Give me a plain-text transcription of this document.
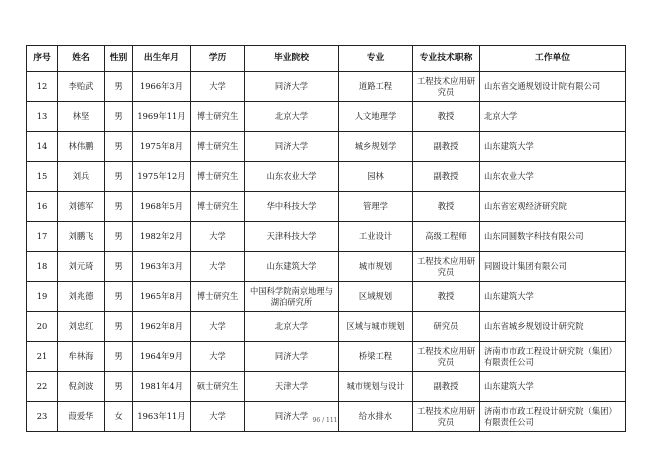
序号	姓名	性别	出生年月	学历	毕业院校	专业	专业技术职称	工作单位
12	李贻武	男	1966年3月	大学	同济大学	道路工程	工程技术应用研究员	山东省交通规划设计院有限公司
13	林坚	男	1969年11月	博士研究生	北京大学	人文地理学	教授	北京大学
14	林伟鹏	男	1975年8月	博士研究生	同济大学	城乡规划学	副教授	山东建筑大学
15	刘兵	男	1975年12月	博士研究生	山东农业大学	园林	副教授	山东农业大学
16	刘德军	男	1968年5月	博士研究生	华中科技大学	管理学	教授	山东省宏观经济研究院
17	刘鹏飞	男	1982年2月	大学	天津科技大学	工业设计	高级工程师	山东同圆数字科技有限公司
18	刘元琦	男	1963年3月	大学	山东建筑大学	城市规划	工程技术应用研究员	同圆设计集团有限公司
19	刘兆德	男	1965年8月	博士研究生	中国科学院南京地理与湖泊研究所	区域规划	教授	山东建筑大学
20	刘忠红	男	1962年8月	大学	北京大学	区域与城市规划	研究员	山东省城乡规划设计研究院
21	牟林海	男	1964年9月	大学	同济大学	桥梁工程	工程技术应用研究员	济南市市政工程设计研究院（集团）有限责任公司
22	倪剑波	男	1981年4月	硕士研究生	天津大学	城市规划与设计	副教授	山东建筑大学
23	葭爱华	女	1963年11月	大学	同济大学	给水排水	工程技术应用研究员	济南市市政工程设计研究院（集团）有限责任公司
96 / 111
